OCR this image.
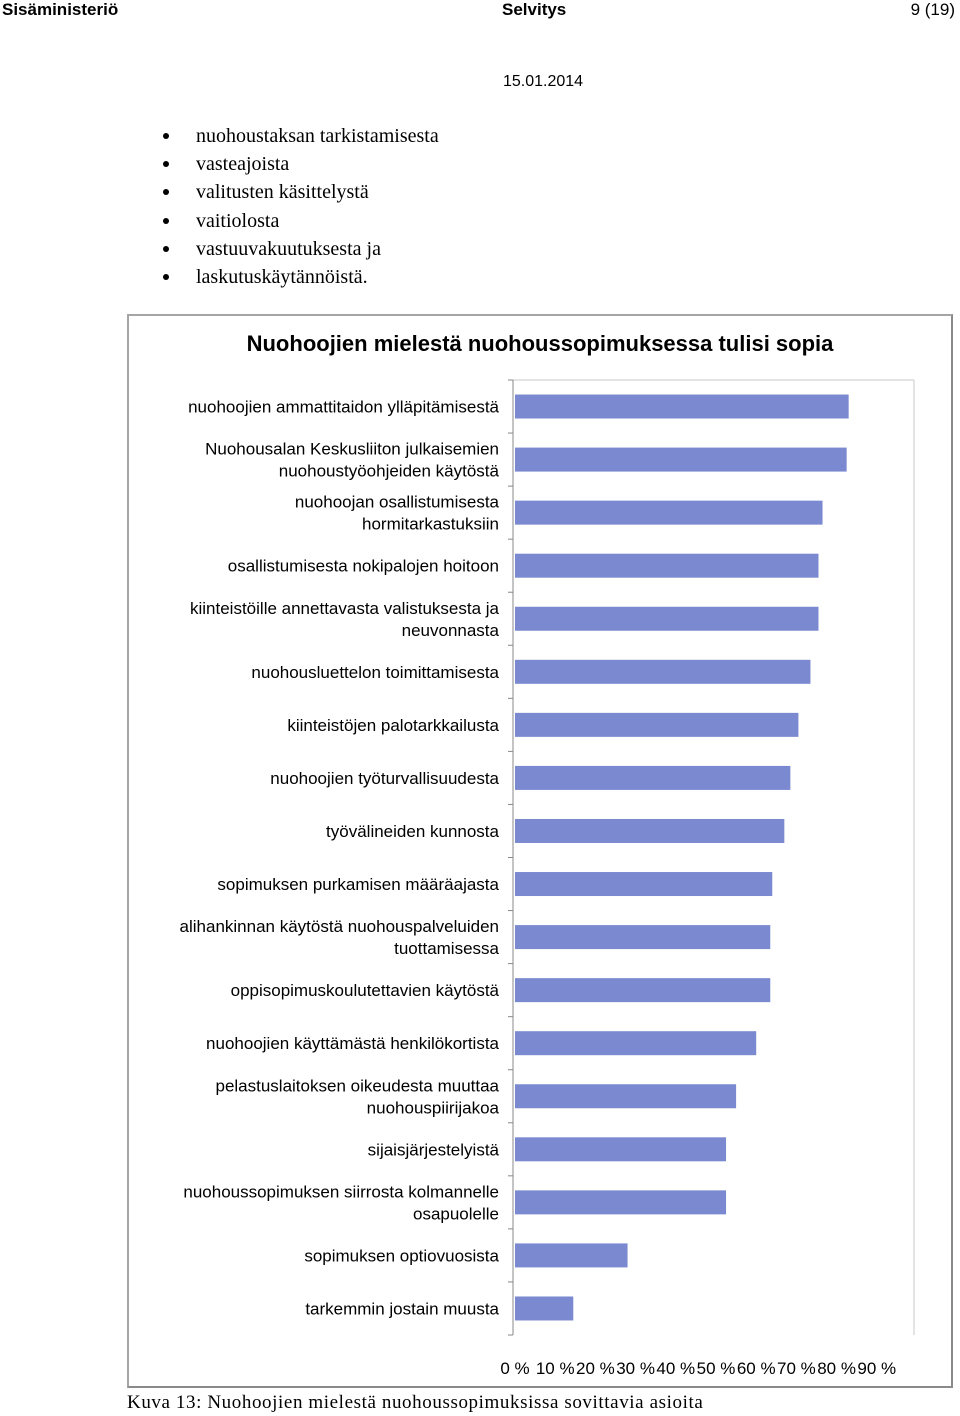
Sisäministeriö	Selvitys	9 (19)
15.01.2014
nuohoustaksan tarkistamisesta
vasteajoista
valitusten käsittelystä
vaitiolosta
vastuuvakuutuksesta ja
laskutuskäytännöistä.
Nuohoojien mielestä nuohoussopimuksessa tulisi sopia
nuohoojien ammattitaidon ylläpitämisestä
Nuohousalan Keskusliiton julkaisemien nuohoustyöohjeiden käytöstä
nuohoojan osallistumisesta hormitarkastuksiin
osallistumisesta nokipalojen hoitoon
kiinteistöille annettavasta valistuksesta ja neuvonnasta
nuohousluettelon toimittamisesta
kiinteistöjen palotarkkailusta
nuohoojien työturvallisuudesta
työvälineiden kunnosta
sopimuksen purkamisen määräajasta
alihankinnan käytöstä nuohouspalveluiden tuottamisessa
oppisopimuskoulutettavien käytöstä
nuohoojien käyttämästä henkilökortista
pelastuslaitoksen oikeudesta muuttaa nuohouspiirijakoa
sijaisjärjestelyistä
nuohoussopimuksen siirrosta kolmannelle osapuolelle
sopimuksen optiovuosista
tarkemmin jostain muusta
0 % 10 % 20 % 30 % 40 % 50 % 60 % 70 % 80 % 90 %
Kuva 13: Nuohoojien mielestä nuohoussopimuksissa sovittavia asioita
